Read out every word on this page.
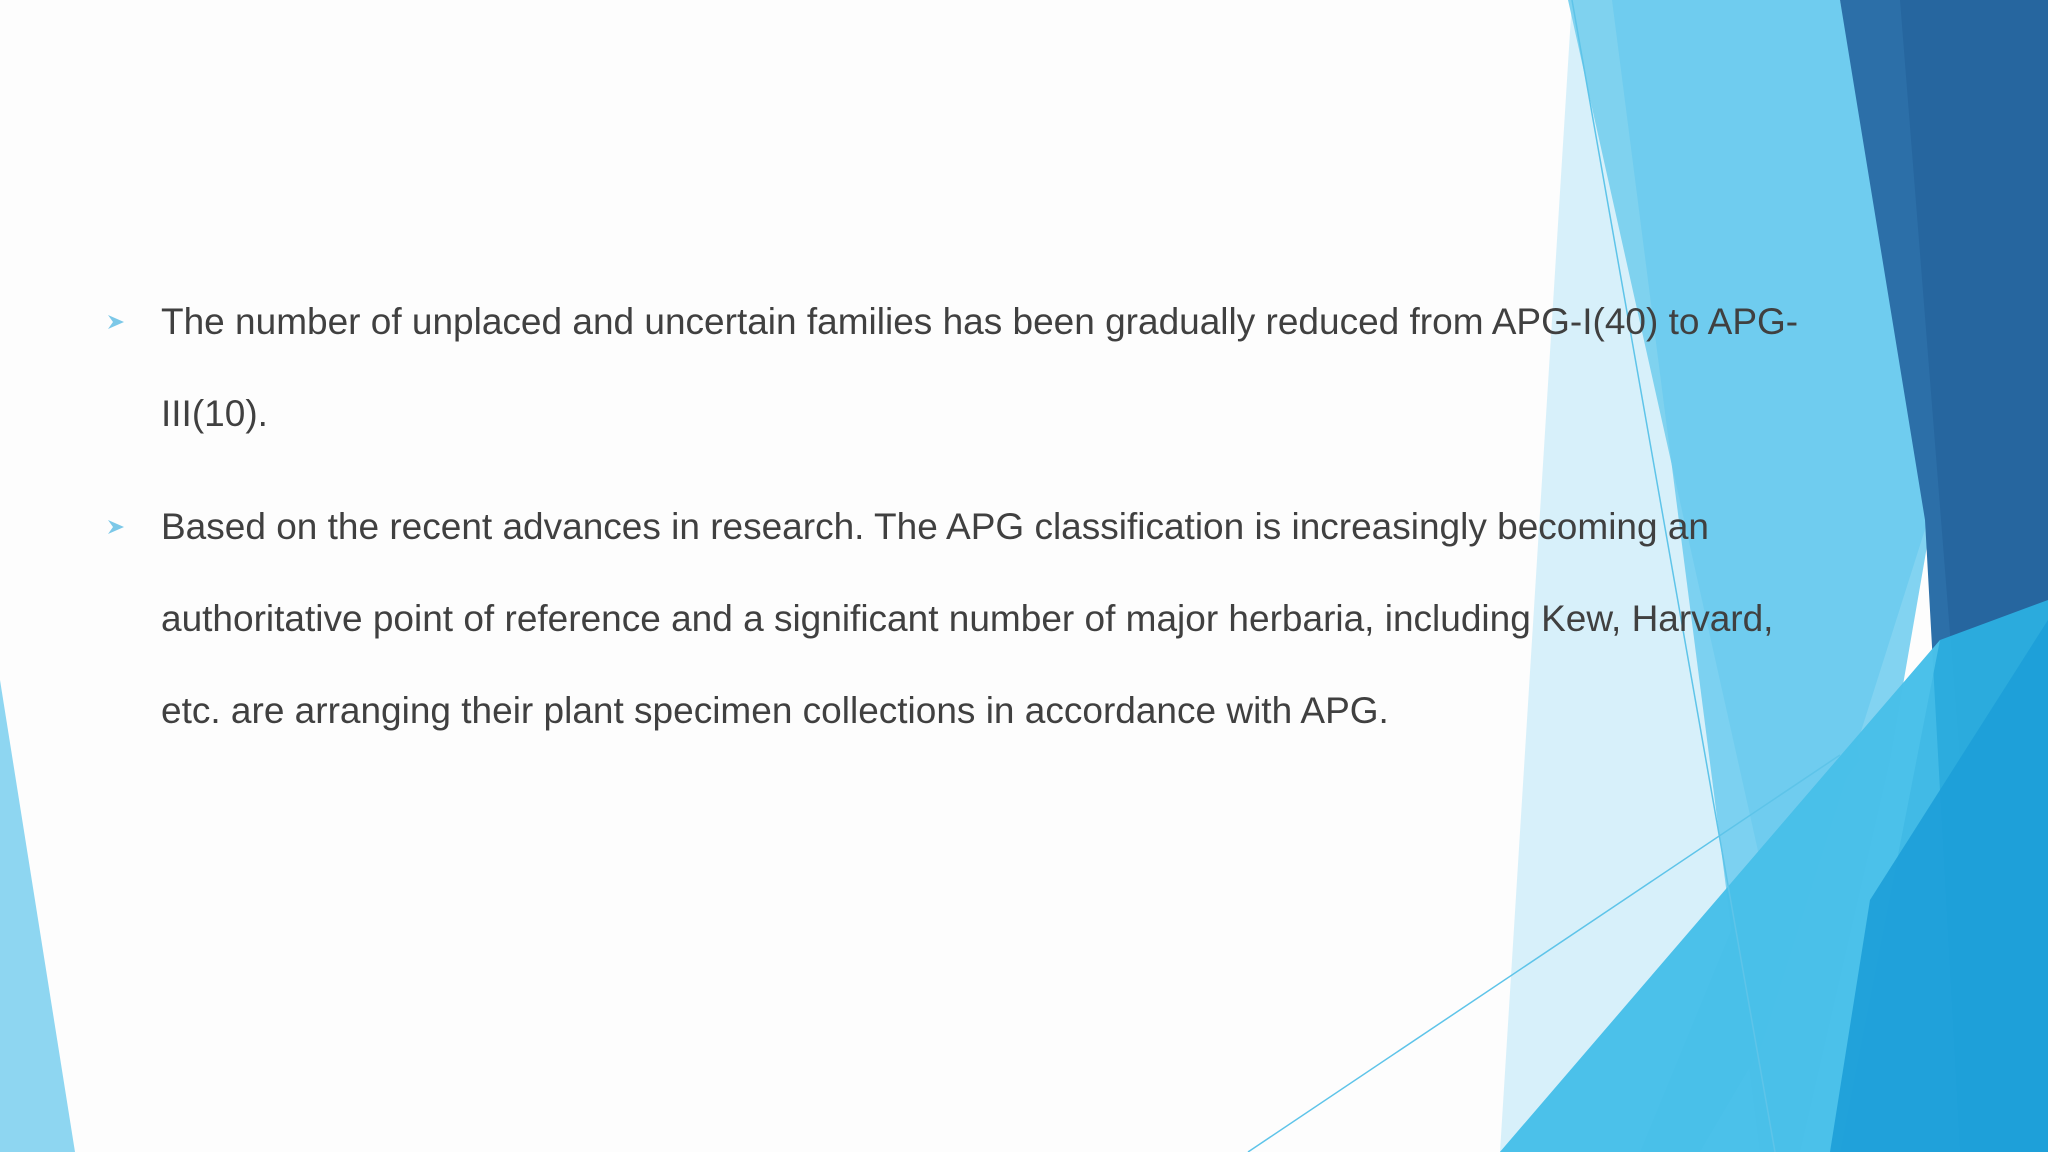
The number of unplaced and uncertain families has been gradually reduced from APG-I(40) to APG-III(10).
Based on the recent advances in research. The APG classification is increasingly becoming an authoritative point of reference and a significant number of major herbaria, including Kew, Harvard, etc. are arranging their plant specimen collections in accordance with APG.
